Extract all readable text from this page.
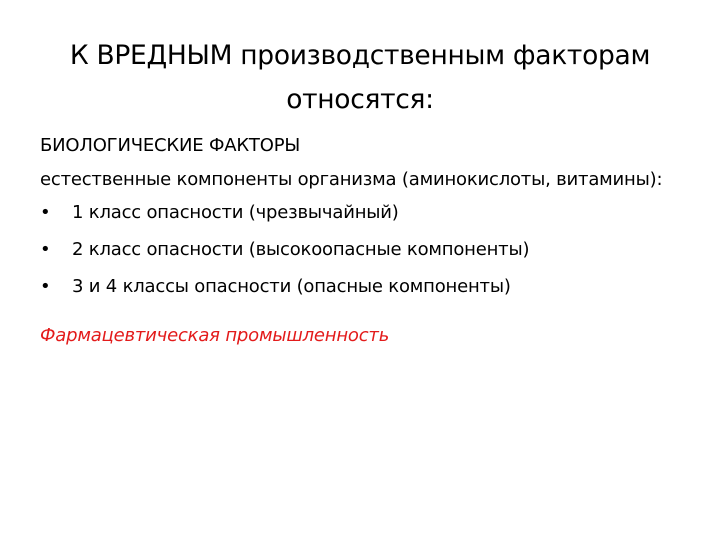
К ВРЕДНЫМ производственным факторам
относятся:

БИОЛОГИЧЕСКИЕ ФАКТОРЫ

естественные компоненты организма (аминокислоты, витамины):

•	1 класс опасности (чрезвычайный)
•	2 класс опасности (высокоопасные компоненты)
•	3 и 4 классы опасности (опасные компоненты)

Фармацевтическая промышленность
